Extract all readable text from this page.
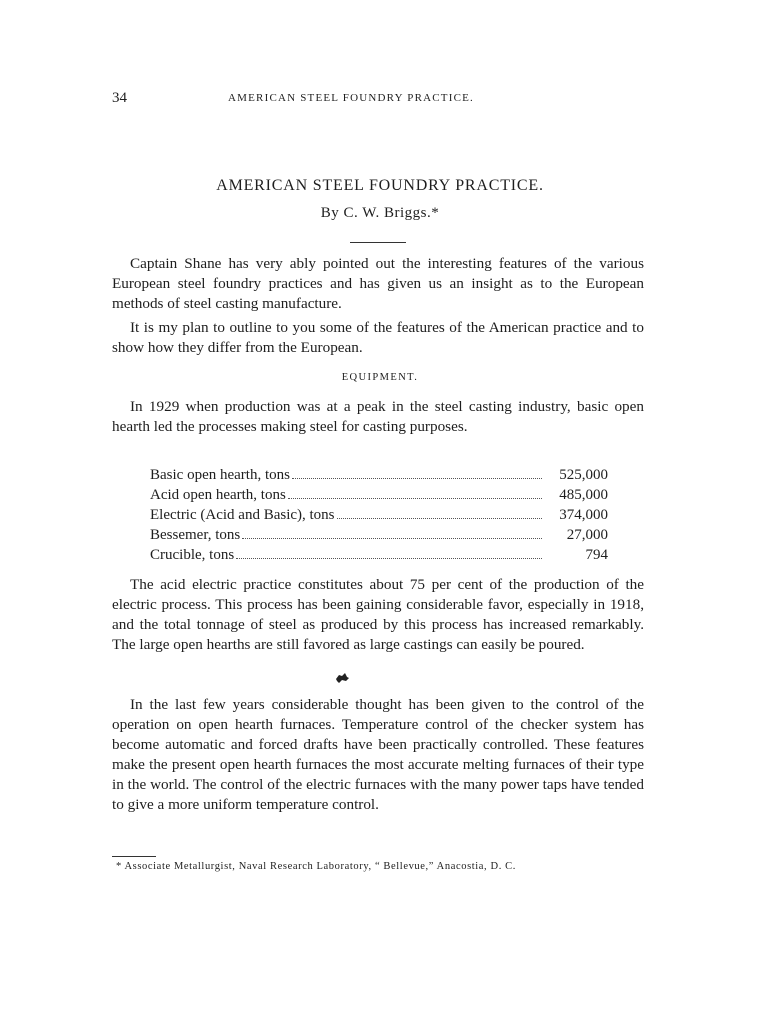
34	AMERICAN STEEL FOUNDRY PRACTICE.
AMERICAN STEEL FOUNDRY PRACTICE.
By C. W. Briggs.*

Captain Shane has very ably pointed out the interesting features of the various European steel foundry practices and has given us an insight as to the European methods of steel casting manufacture.

It is my plan to outline to you some of the features of the American practice and to show how they differ from the European.

EQUIPMENT.

In 1929 when production was at a peak in the steel casting industry, basic open hearth led the processes making steel for casting purposes.

Basic open hearth, tons	525,000
Acid open hearth, tons	485,000
Electric (Acid and Basic), tons	374,000
Bessemer, tons	27,000
Crucible, tons	794

The acid electric practice constitutes about 75 per cent of the production of the electric process. This process has been gaining considerable favor, especially in 1918, and the total tonnage of steel as produced by this process has increased remarkably. The large open hearths are still favored as large castings can easily be poured.

In the last few years considerable thought has been given to the control of the operation on open hearth furnaces. Temperature control of the checker system has become automatic and forced drafts have been practically controlled. These features make the present open hearth furnaces the most accurate melting furnaces of their type in the world. The control of the electric furnaces with the many power taps have tended to give a more uniform temperature control.

* Associate Metallurgist, Naval Research Laboratory, “ Bellevue,” Anacostia, D. C.
